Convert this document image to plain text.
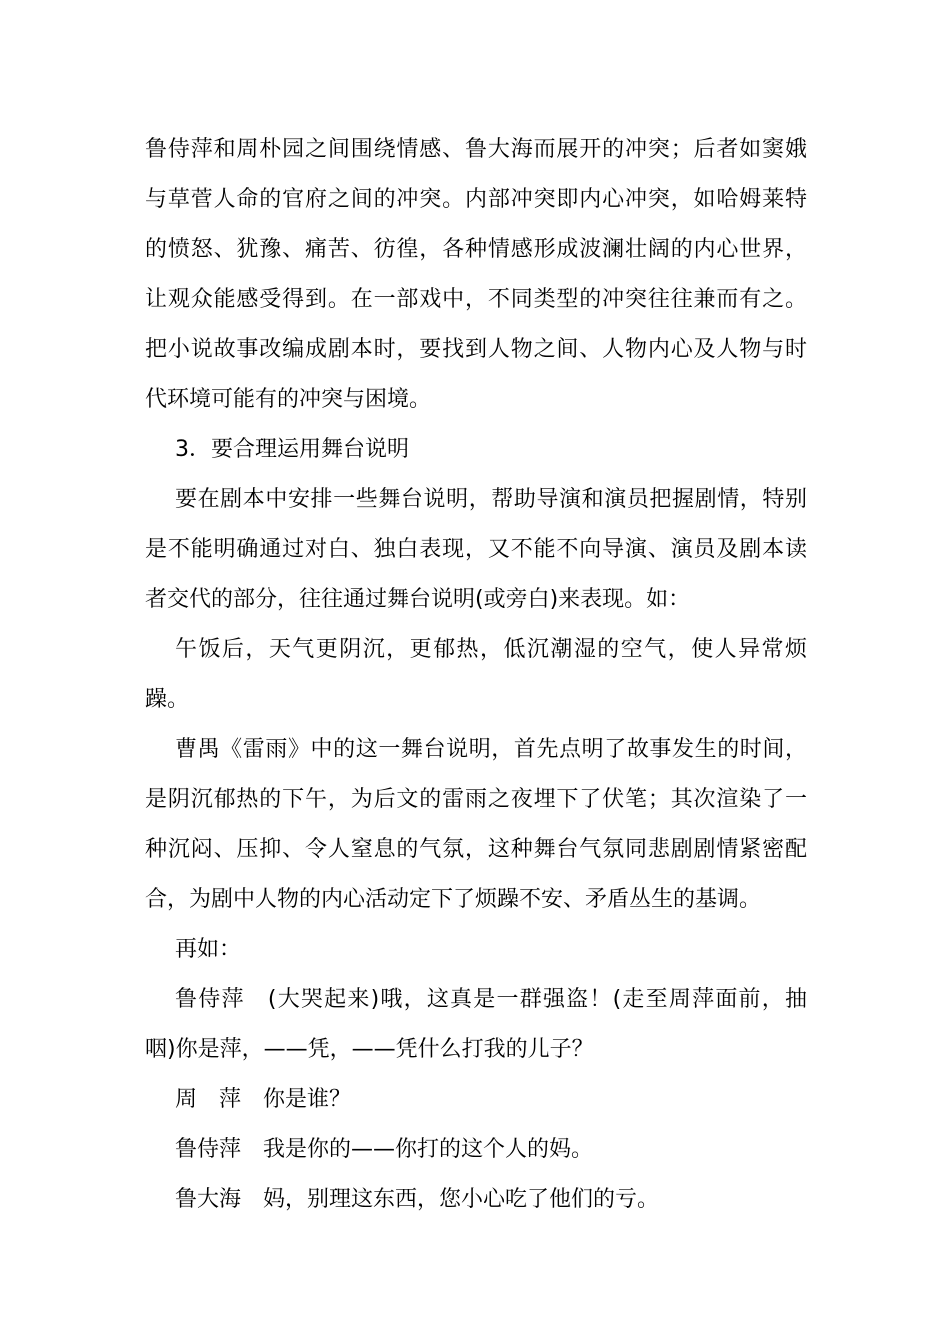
鲁侍萍和周朴园之间围绕情感、鲁大海而展开的冲突；后者如窦娥
与草菅人命的官府之间的冲突。内部冲突即内心冲突，如哈姆莱特
的愤怒、犹豫、痛苦、彷徨，各种情感形成波澜壮阔的内心世界，
让观众能感受得到。在一部戏中，不同类型的冲突往往兼而有之。
把小说故事改编成剧本时，要找到人物之间、人物内心及人物与时
代环境可能有的冲突与困境。
3．要合理运用舞台说明
要在剧本中安排一些舞台说明，帮助导演和演员把握剧情，特别
是不能明确通过对白、独白表现，又不能不向导演、演员及剧本读
者交代的部分，往往通过舞台说明(或旁白)来表现。如：
午饭后，天气更阴沉，更郁热，低沉潮湿的空气，使人异常烦
躁。
曹禺《雷雨》中的这一舞台说明，首先点明了故事发生的时间，
是阴沉郁热的下午，为后文的雷雨之夜埋下了伏笔；其次渲染了一
种沉闷、压抑、令人窒息的气氛，这种舞台气氛同悲剧剧情紧密配
合，为剧中人物的内心活动定下了烦躁不安、矛盾丛生的基调。
再如：
鲁侍萍　(大哭起来)哦，这真是一群强盗！(走至周萍面前，抽
咽)你是萍，——凭，——凭什么打我的儿子？
周　萍　你是谁？
鲁侍萍　我是你的——你打的这个人的妈。
鲁大海　妈，别理这东西，您小心吃了他们的亏。
